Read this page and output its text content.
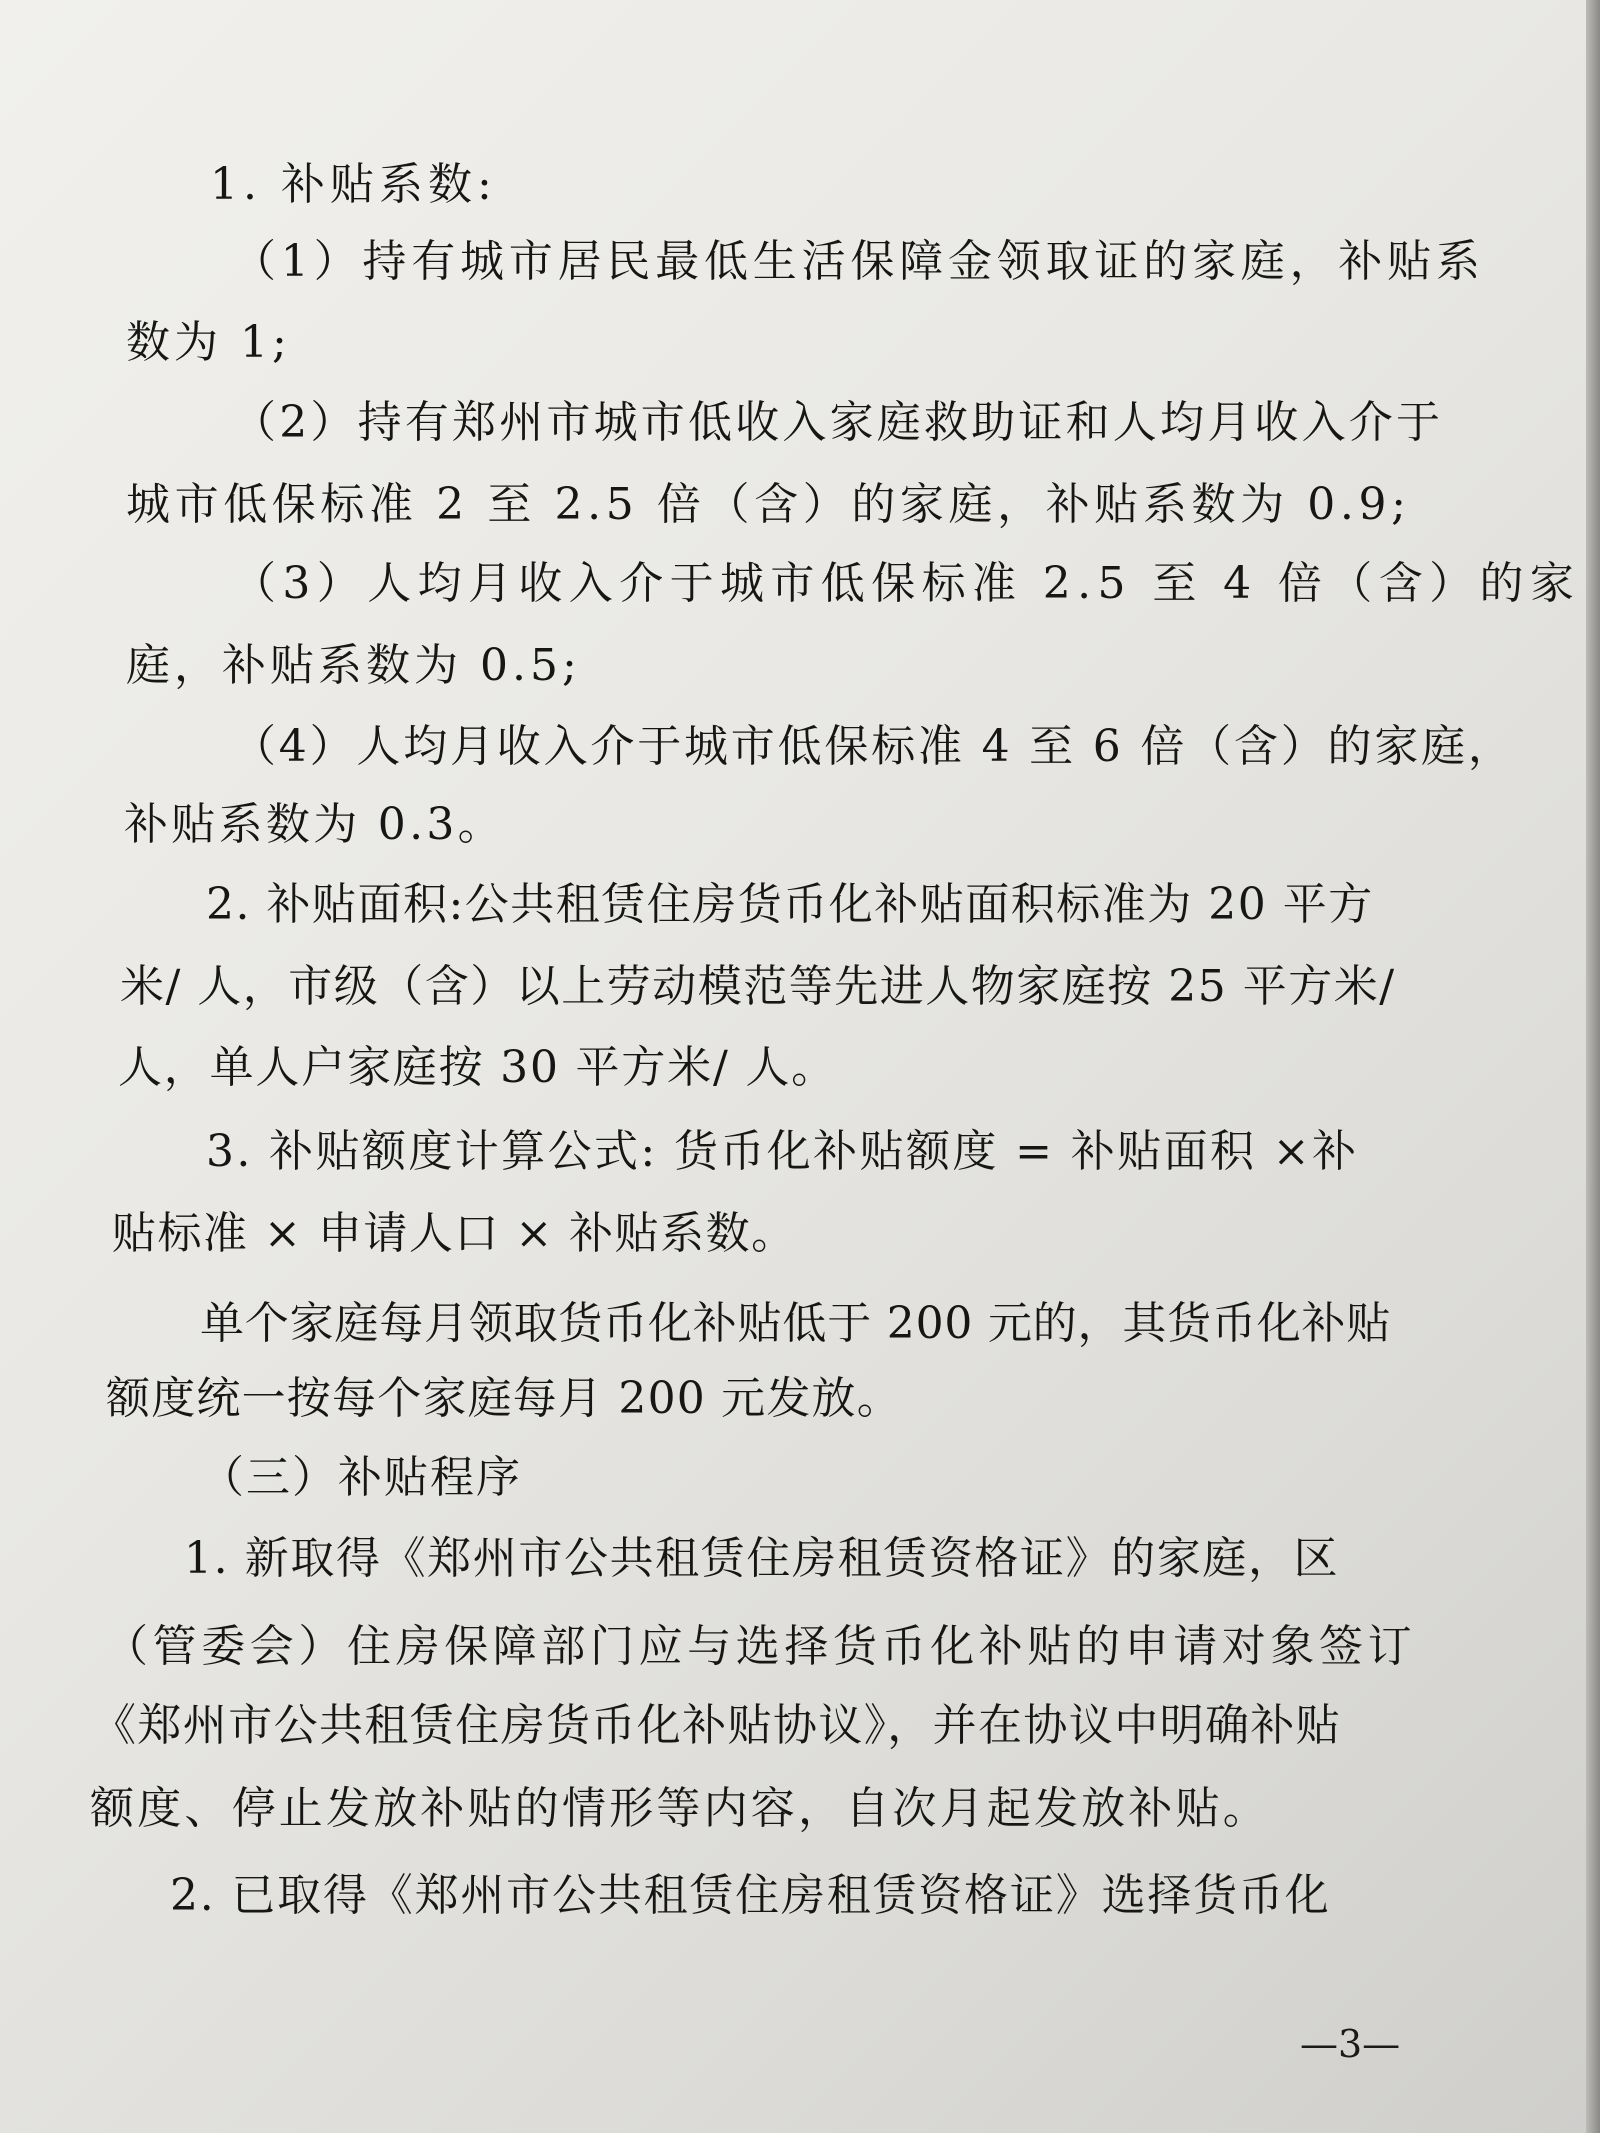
1. 补贴系数:

（1）持有城市居民最低生活保障金领取证的家庭，补贴系

数为 1;

（2）持有郑州市城市低收入家庭救助证和人均月收入介于

城市低保标准 2 至 2.5 倍（含）的家庭，补贴系数为 0.9;

（3）人均月收入介于城市低保标准 2.5 至 4 倍（含）的家

庭，补贴系数为 0.5;

（4）人均月收入介于城市低保标准 4 至 6 倍（含）的家庭，

补贴系数为 0.3。

2. 补贴面积:公共租赁住房货币化补贴面积标准为 20 平方

米/ 人，市级（含）以上劳动模范等先进人物家庭按 25 平方米/

人，单人户家庭按 30 平方米/ 人。

3. 补贴额度计算公式: 货币化补贴额度 = 补贴面积 ×补

贴标准 × 申请人口 × 补贴系数。

单个家庭每月领取货币化补贴低于 200 元的，其货币化补贴

额度统一按每个家庭每月 200 元发放。

（三）补贴程序

1. 新取得《郑州市公共租赁住房租赁资格证》的家庭，区

（管委会）住房保障部门应与选择货币化补贴的申请对象签订

《郑州市公共租赁住房货币化补贴协议》，并在协议中明确补贴

额度、停止发放补贴的情形等内容，自次月起发放补贴。

2. 已取得《郑州市公共租赁住房租赁资格证》选择货币化

—3—
